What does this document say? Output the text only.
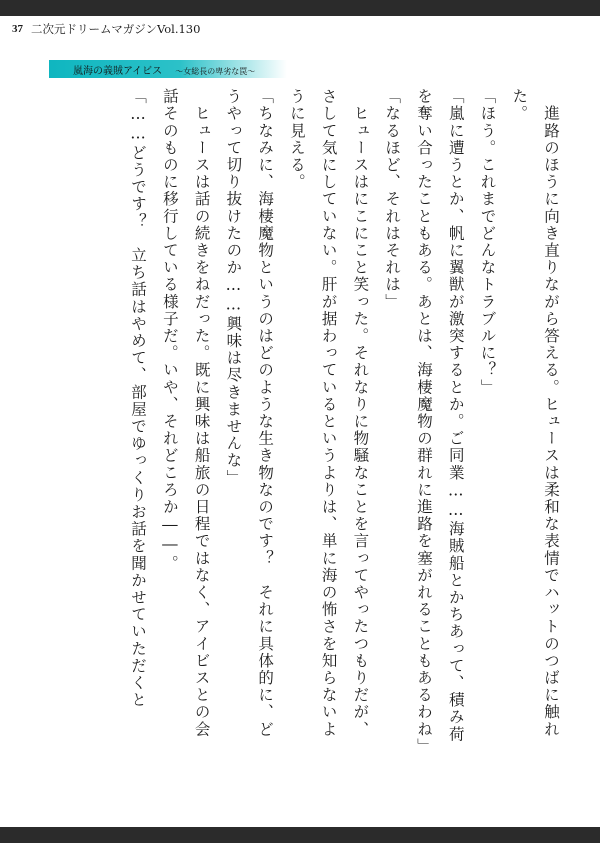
37 二次元ドリームマガジンVol.130
嵐海の義賊アイビス ～女総長の卑劣な罠～

　進路のほうに向き直りながら答える。ヒュースは柔和な表情でハットのつばに触れた。

「ほう。これまでどんなトラブルに？」

「嵐に遭うとか、帆に翼獣が激突するとか。ご同業……海賊船とかちあって、積み荷を奪い合ったこともある。あとは、海棲魔物の群れに進路を塞がれることもあるわね」

「なるほど、それはそれは」

　ヒュースはにこにこと笑った。それなりに物騒なことを言ってやったつもりだが、さして気にしていない。肝が据わっているというよりは、単に海の怖さを知らないように見える。

「ちなみに、海棲魔物というのはどのような生き物なのです？　それに具体的に、どうやって切り抜けたのか……興味は尽きませんな」

　ヒュースは話の続きをねだった。既に興味は船旅の日程ではなく、アイビスとの会話そのものに移行している様子だ。いや、それどころか――。

「……どうです？　立ち話はやめて、部屋でゆっくりお話を聞かせていただくと
